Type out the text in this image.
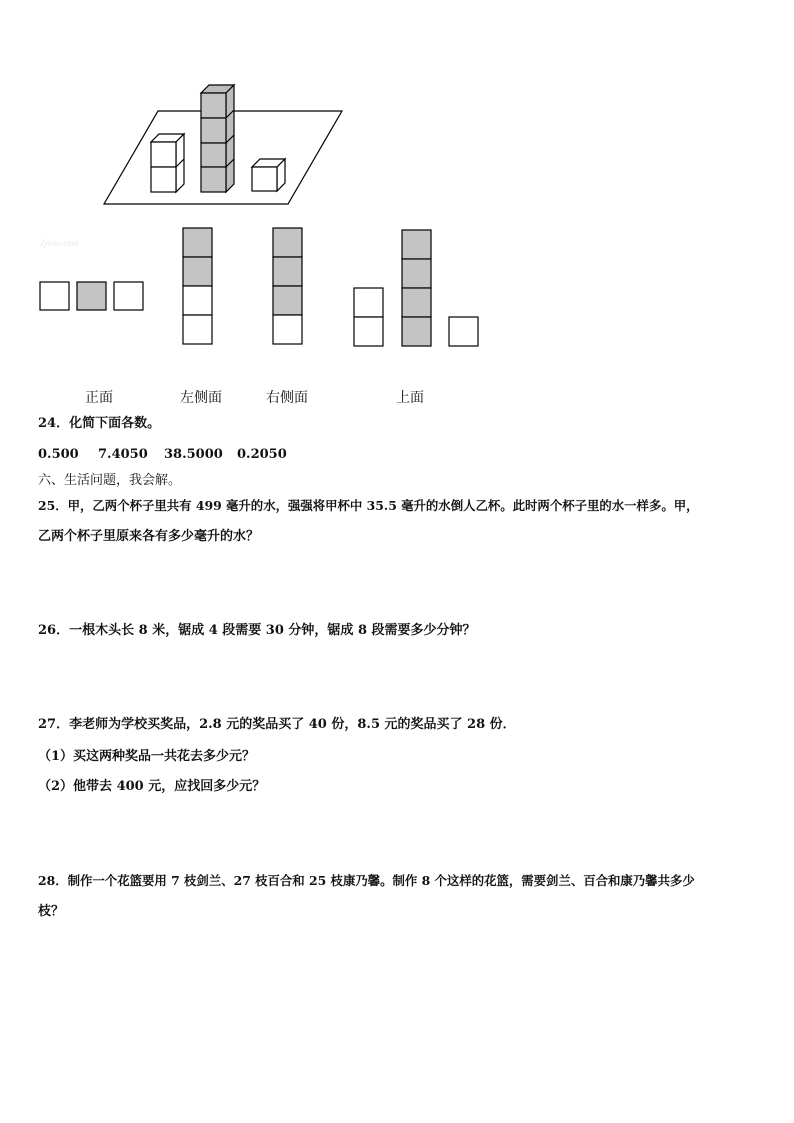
Jyeoo.com
正面	左侧面	右侧面	上面
24．化简下面各数。
0.500 7.4050 38.5000 0.2050
六、生活问题，我会解。
25．甲，乙两个杯子里共有 499 毫升的水，强强将甲杯中 35.5 毫升的水倒人乙杯。此时两个杯子里的水一样多。甲，
乙两个杯子里原来各有多少毫升的水？
26．一根木头长 8 米，锯成 4 段需要 30 分钟，锯成 8 段需要多少分钟？
27．李老师为学校买奖品，2.8 元的奖品买了 40 份，8.5 元的奖品买了 28 份．
（1）买这两种奖品一共花去多少元？
（2）他带去 400 元，应找回多少元？
28．制作一个花篮要用 7 枝剑兰、27 枝百合和 25 枝康乃馨。制作 8 个这样的花篮，需要剑兰、百合和康乃馨共多少
枝？
